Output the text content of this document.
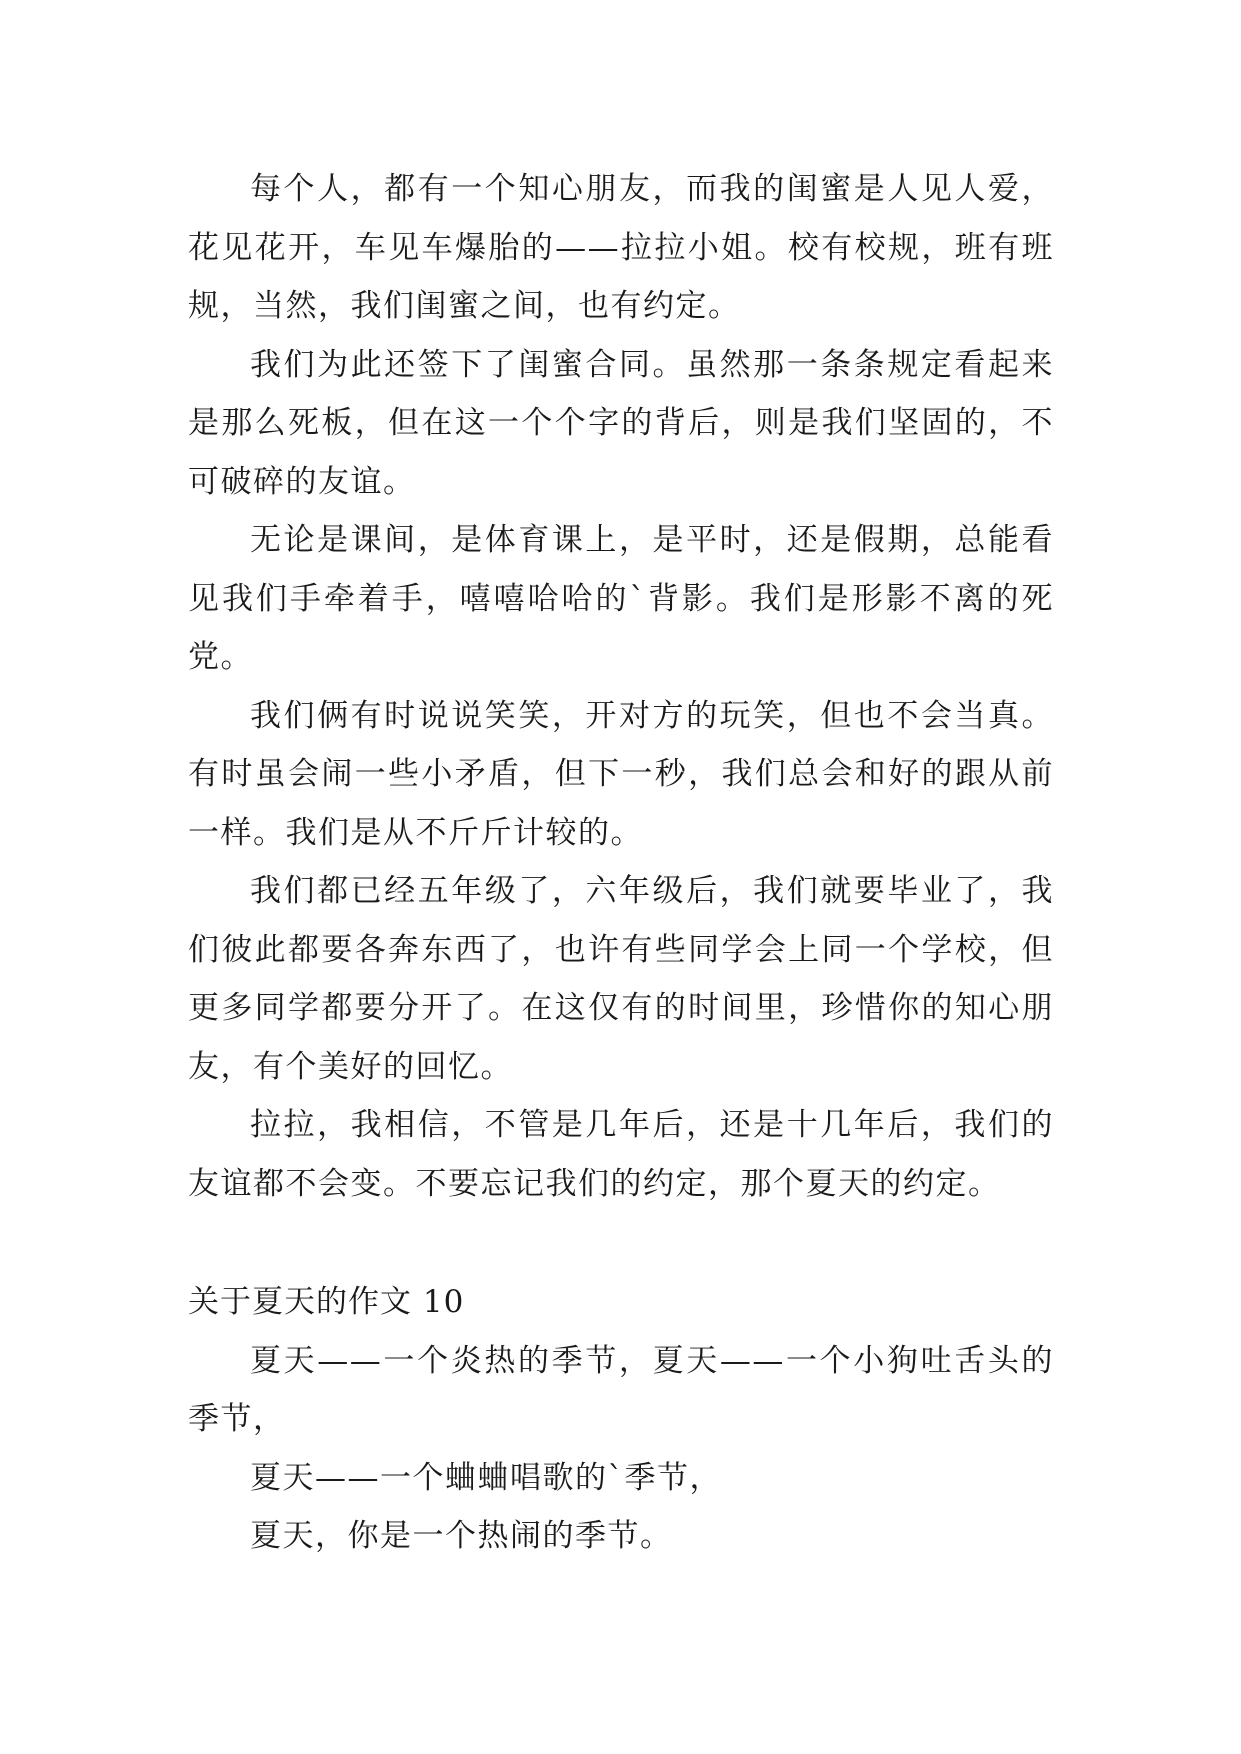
每个人，都有一个知心朋友，而我的闺蜜是人见人爱，花见花开，车见车爆胎的——拉拉小姐。校有校规，班有班规，当然，我们闺蜜之间，也有约定。

我们为此还签下了闺蜜合同。虽然那一条条规定看起来是那么死板，但在这一个个字的背后，则是我们坚固的，不可破碎的友谊。

无论是课间，是体育课上，是平时，还是假期，总能看见我们手牵着手，嘻嘻哈哈的`背影。我们是形影不离的死党。

我们俩有时说说笑笑，开对方的玩笑，但也不会当真。有时虽会闹一些小矛盾，但下一秒，我们总会和好的跟从前一样。我们是从不斤斤计较的。

我们都已经五年级了，六年级后，我们就要毕业了，我们彼此都要各奔东西了，也许有些同学会上同一个学校，但更多同学都要分开了。在这仅有的时间里，珍惜你的知心朋友，有个美好的回忆。

拉拉，我相信，不管是几年后，还是十几年后，我们的友谊都不会变。不要忘记我们的约定，那个夏天的约定。

关于夏天的作文 10

夏天——一个炎热的季节，夏天——一个小狗吐舌头的季节，

夏天——一个蛐蛐唱歌的`季节，

夏天，你是一个热闹的季节。
